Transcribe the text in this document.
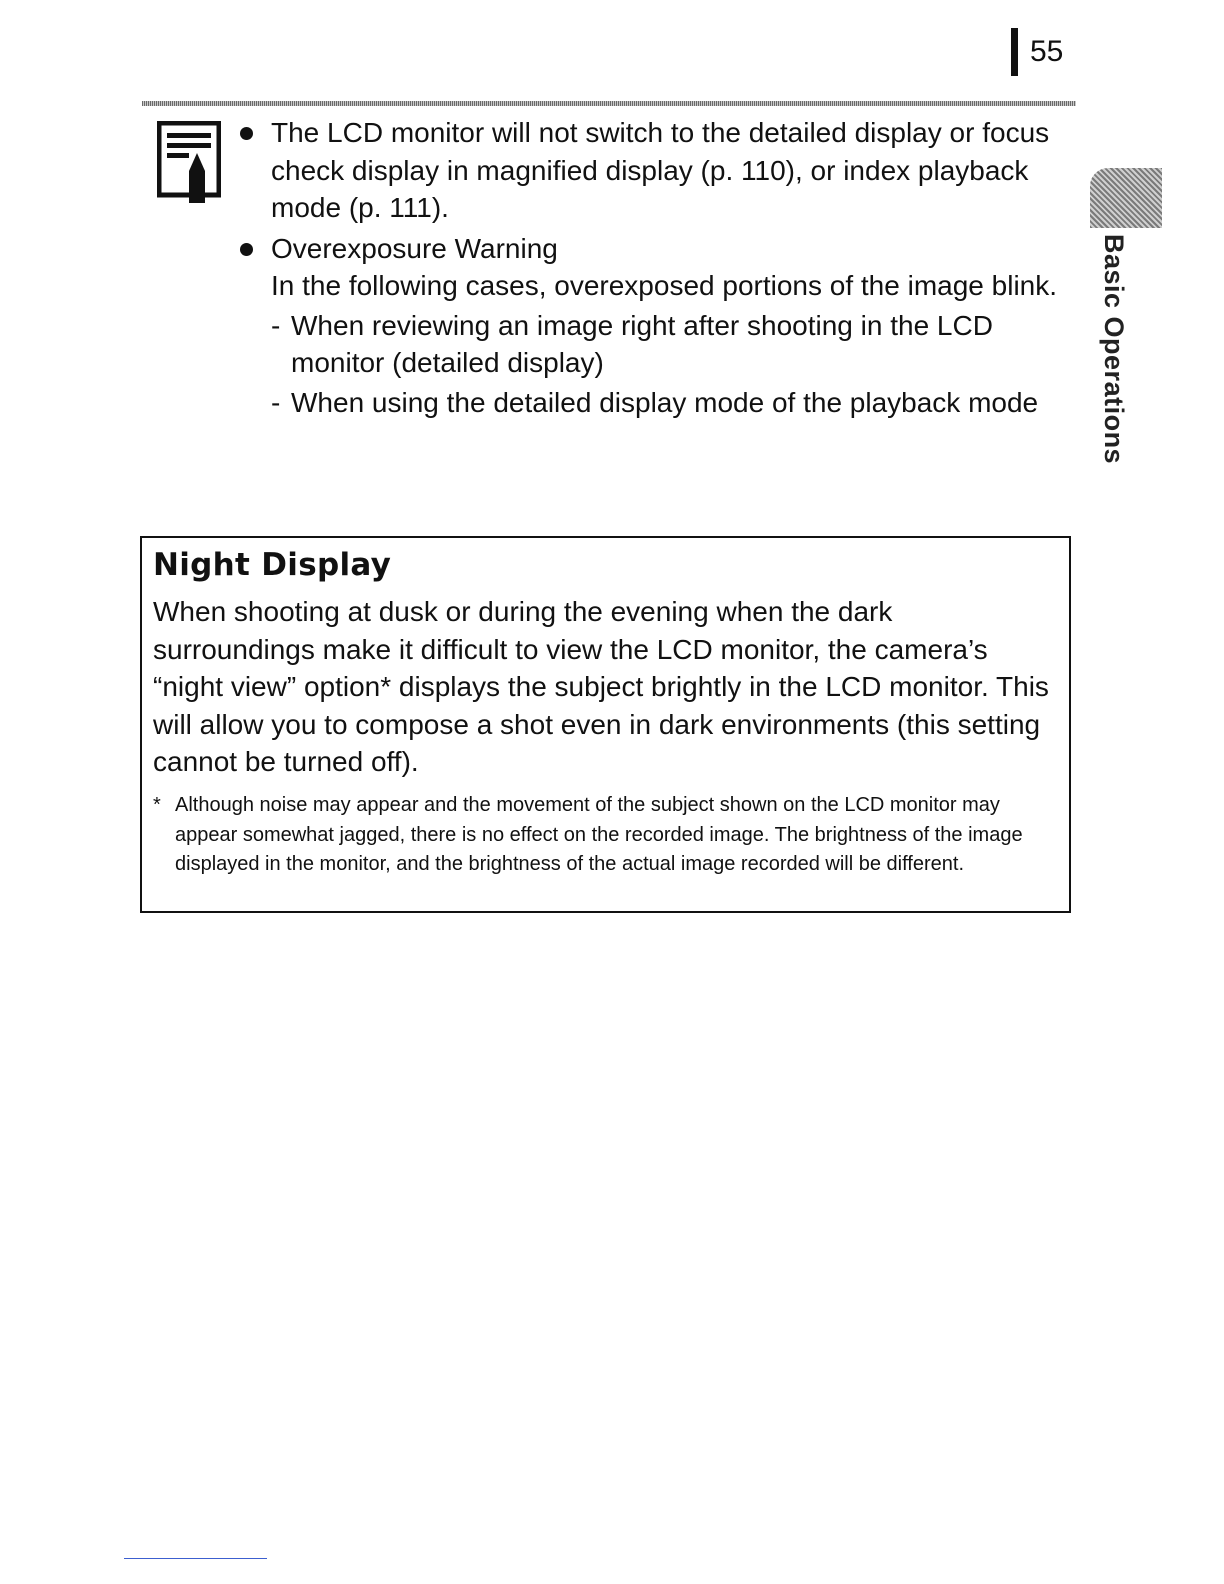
55
Basic Operations
The LCD monitor will not switch to the detailed display or focus check display in magnified display (p. 110), or index playback mode (p. 111).
Overexposure Warning
In the following cases, overexposed portions of the image blink.
- When reviewing an image right after shooting in the LCD monitor (detailed display)
- When using the detailed display mode of the playback mode
Night Display
When shooting at dusk or during the evening when the dark surroundings make it difficult to view the LCD monitor, the camera’s “night view” option* displays the subject brightly in the LCD monitor. This will allow you to compose a shot even in dark environments (this setting cannot be turned off).
* Although noise may appear and the movement of the subject shown on the LCD monitor may appear somewhat jagged, there is no effect on the recorded image. The brightness of the image displayed in the monitor, and the brightness of the actual image recorded will be different.
